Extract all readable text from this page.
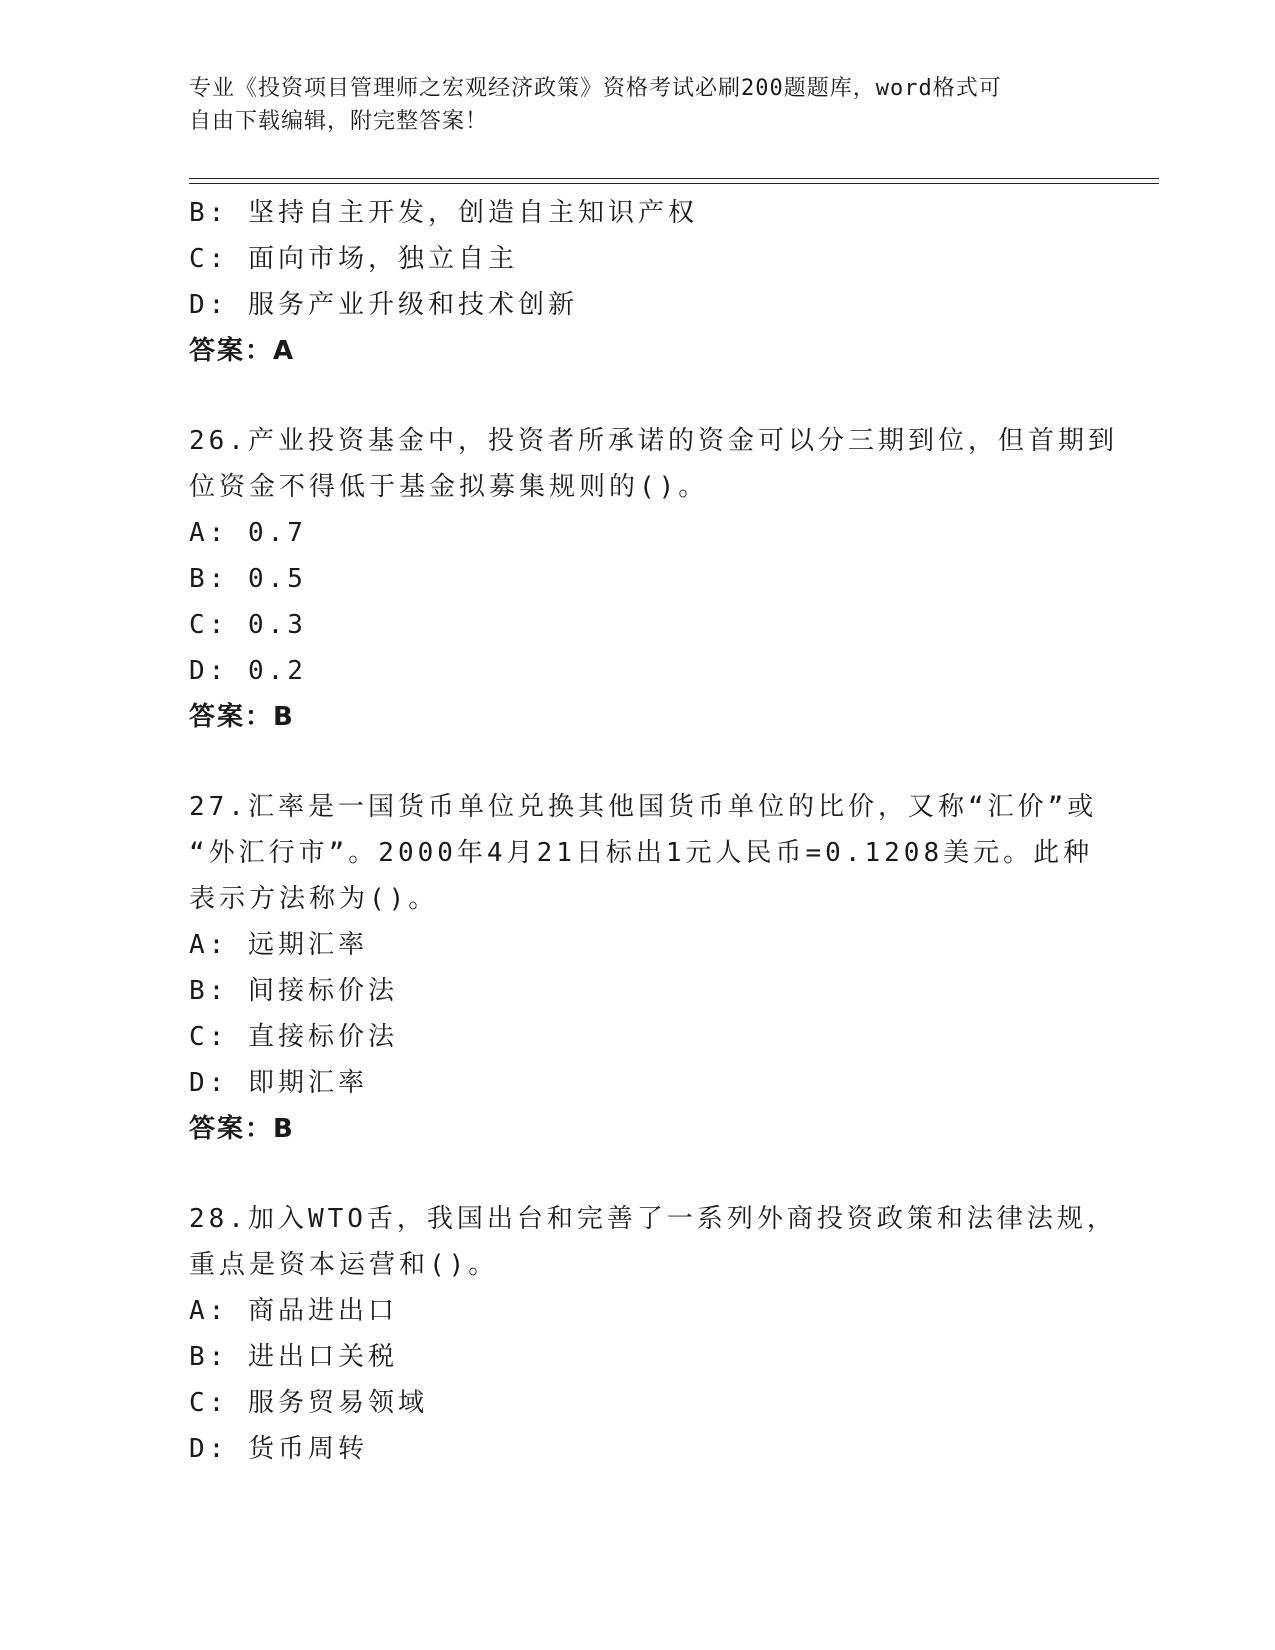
专业《投资项目管理师之宏观经济政策》资格考试必刷200题题库，word格式可
自由下载编辑，附完整答案！
B: 坚持自主开发，创造自主知识产权
C: 面向市场，独立自主
D: 服务产业升级和技术创新
答案：A
26.产业投资基金中，投资者所承诺的资金可以分三期到位，但首期到
位资金不得低于基金拟募集规则的()。
A: 0.7
B: 0.5
C: 0.3
D: 0.2
答案：B
27.汇率是一国货币单位兑换其他国货币单位的比价，又称“汇价”或
“外汇行市”。2000年4月21日标出1元人民币=0.1208美元。此种
表示方法称为()。
A: 远期汇率
B: 间接标价法
C: 直接标价法
D: 即期汇率
答案：B
28.加入WTO舌，我国出台和完善了一系列外商投资政策和法律法规，
重点是资本运营和()。
A: 商品进出口
B: 进出口关税
C: 服务贸易领域
D: 货币周转
